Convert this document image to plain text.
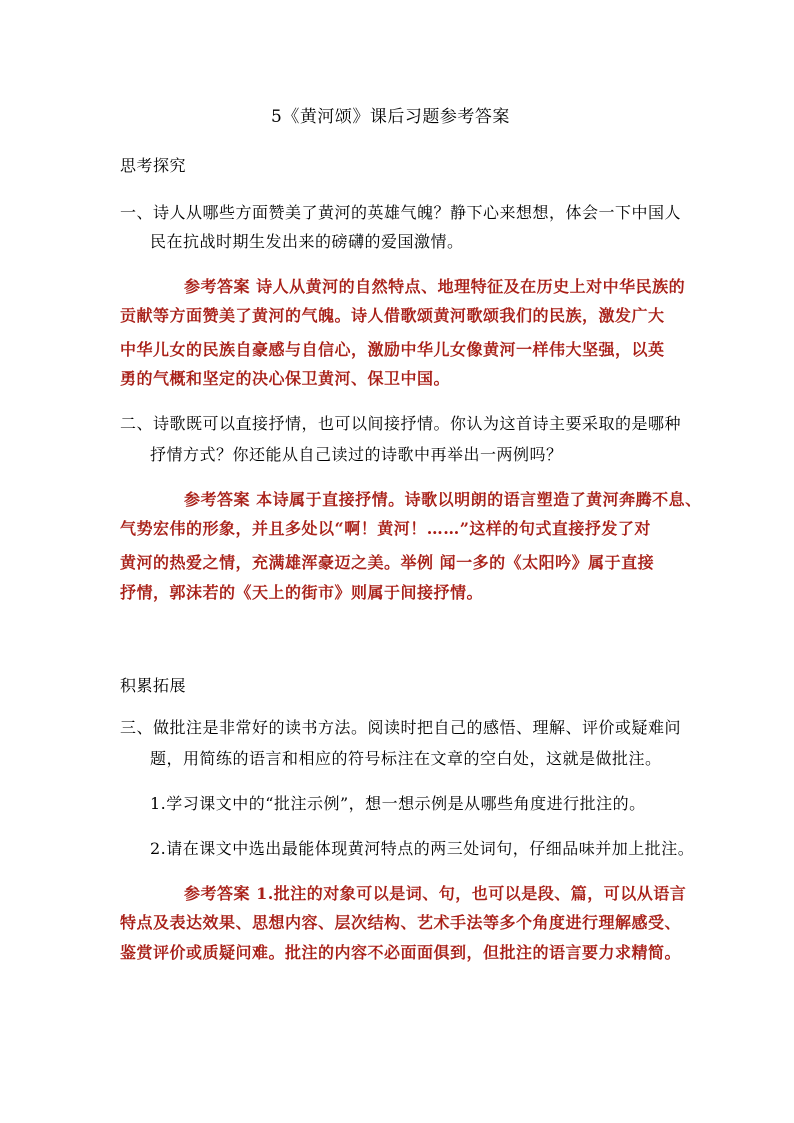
5《黄河颂》课后习题参考答案
思考探究
一、诗人从哪些方面赞美了黄河的英雄气魄？静下心来想想，体会一下中国人
民在抗战时期生发出来的磅礴的爱国激情。
参考答案 诗人从黄河的自然特点、地理特征及在历史上对中华民族的
贡献等方面赞美了黄河的气魄。诗人借歌颂黄河歌颂我们的民族，激发广大
中华儿女的民族自豪感与自信心，激励中华儿女像黄河一样伟大坚强，以英
勇的气概和坚定的决心保卫黄河、保卫中国。
二、诗歌既可以直接抒情，也可以间接抒情。你认为这首诗主要采取的是哪种
抒情方式？你还能从自己读过的诗歌中再举出一两例吗？
参考答案 本诗属于直接抒情。诗歌以明朗的语言塑造了黄河奔腾不息、
气势宏伟的形象，并且多处以“啊！黄河！……”这样的句式直接抒发了对
黄河的热爱之情，充满雄浑豪迈之美。举例 闻一多的《太阳吟》属于直接
抒情，郭沫若的《天上的街市》则属于间接抒情。
积累拓展
三、做批注是非常好的读书方法。阅读时把自己的感悟、理解、评价或疑难问
题，用简练的语言和相应的符号标注在文章的空白处，这就是做批注。
1.学习课文中的“批注示例”，想一想示例是从哪些角度进行批注的。
2.请在课文中选出最能体现黄河特点的两三处词句，仔细品味并加上批注。
参考答案 1.批注的对象可以是词、句，也可以是段、篇，可以从语言
特点及表达效果、思想内容、层次结构、艺术手法等多个角度进行理解感受、
鉴赏评价或质疑问难。批注的内容不必面面俱到，但批注的语言要力求精简。
